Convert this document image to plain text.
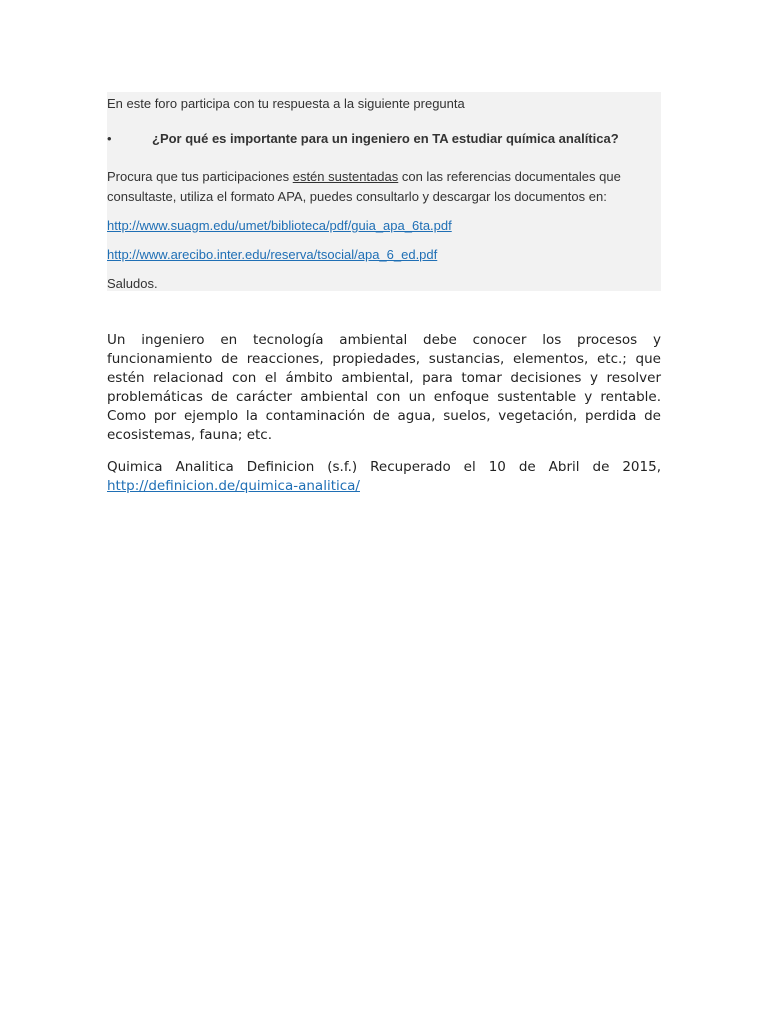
En este foro participa con tu respuesta a la siguiente pregunta

•	¿Por qué es importante para un ingeniero en TA estudiar química analítica?

Procura que tus participaciones estén sustentadas con las referencias documentales que consultaste, utiliza el formato APA, puedes consultarlo y descargar los documentos en:

http://www.suagm.edu/umet/biblioteca/pdf/guia_apa_6ta.pdf
http://www.arecibo.inter.edu/reserva/tsocial/apa_6_ed.pdf

Saludos.

Un ingeniero en tecnología ambiental debe conocer los procesos y funcionamiento de reacciones, propiedades, sustancias, elementos, etc.; que estén relacionad con el ámbito ambiental, para tomar decisiones y resolver problemáticas de carácter ambiental con un enfoque sustentable y rentable. Como por ejemplo la contaminación de agua, suelos, vegetación, perdida de ecosistemas, fauna; etc.

Quimica Analitica Definicion (s.f.) Recuperado el 10 de Abril de 2015, http://definicion.de/quimica-analitica/
